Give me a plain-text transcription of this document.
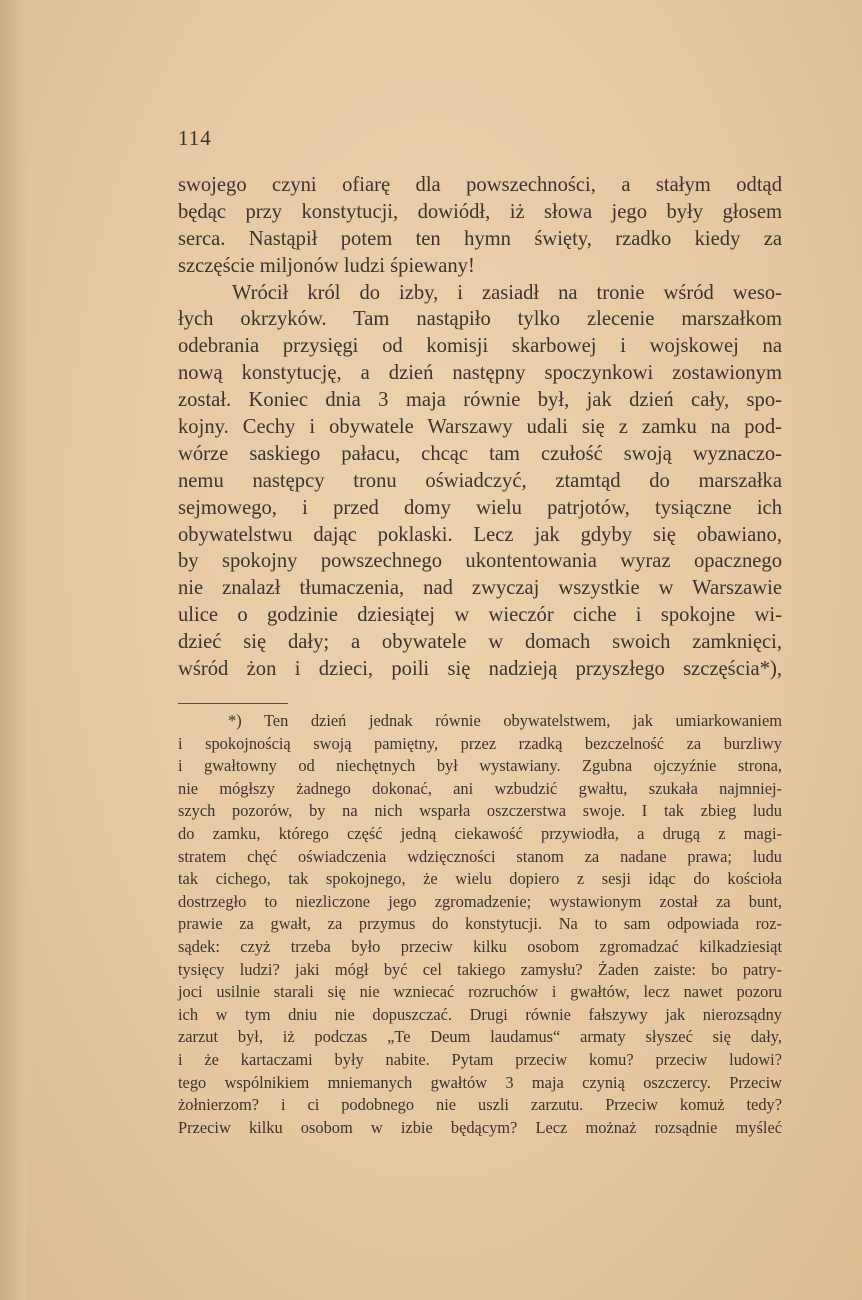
114

swojego czyni ofiarę dla powszechności, a stałym odtąd
będąc przy konstytucji, dowiódł, iż słowa jego były głosem
serca. Nastąpił potem ten hymn święty, rzadko kiedy za
szczęście miljonów ludzi śpiewany!
Wrócił król do izby, i zasiadł na tronie wśród weso-
łych okrzyków. Tam nastąpiło tylko zlecenie marszałkom
odebrania przysięgi od komisji skarbowej i wojskowej na
nową konstytucję, a dzień następny spoczynkowi zostawionym
został. Koniec dnia 3 maja równie był, jak dzień cały, spo-
kojny. Cechy i obywatele Warszawy udali się z zamku na pod-
wórze saskiego pałacu, chcąc tam czułość swoją wyznaczo-
nemu następcy tronu oświadczyć, ztamtąd do marszałka
sejmowego, i przed domy wielu patrjotów, tysiączne ich
obywatelstwu dając poklaski. Lecz jak gdyby się obawiano,
by spokojny powszechnego ukontentowania wyraz opacznego
nie znalazł tłumaczenia, nad zwyczaj wszystkie w Warszawie
ulice o godzinie dziesiątej w wieczór ciche i spokojne wi-
dzieć się dały; a obywatele w domach swoich zamknięci,
wśród żon i dzieci, poili się nadzieją przyszłego szczęścia*),
*) Ten dzień jednak równie obywatelstwem, jak umiarkowaniem
i spokojnością swoją pamiętny, przez rzadką bezczelność za burzliwy
i gwałtowny od niechętnych był wystawiany. Zgubna ojczyźnie strona,
nie mógłszy żadnego dokonać, ani wzbudzić gwałtu, szukała najmniej-
szych pozorów, by na nich wsparła oszczerstwa swoje. I tak zbieg ludu
do zamku, którego część jedną ciekawość przywiodła, a drugą z magi-
stratem chęć oświadczenia wdzięczności stanom za nadane prawa; ludu
tak cichego, tak spokojnego, że wielu dopiero z sesji idąc do kościoła
dostrzegło to niezliczone jego zgromadzenie; wystawionym został za bunt,
prawie za gwałt, za przymus do konstytucji. Na to sam odpowiada roz-
sądek: czyż trzeba było przeciw kilku osobom zgromadzać kilkadziesiąt
tysięcy ludzi? jaki mógł być cel takiego zamysłu? Żaden zaiste: bo patry-
joci usilnie starali się nie wzniecać rozruchów i gwałtów, lecz nawet pozoru
ich w tym dniu nie dopuszczać. Drugi równie fałszywy jak nierozsądny
zarzut był, iż podczas „Te Deum laudamus“ armaty słyszeć się dały,
i że kartaczami były nabite. Pytam przeciw komu? przeciw ludowi?
tego wspólnikiem mniemanych gwałtów 3 maja czynią oszczercy. Przeciw
żołnierzom? i ci podobnego nie uszli zarzutu. Przeciw komuż tedy?
Przeciw kilku osobom w izbie będącym? Lecz możnaż rozsądnie myśleć
